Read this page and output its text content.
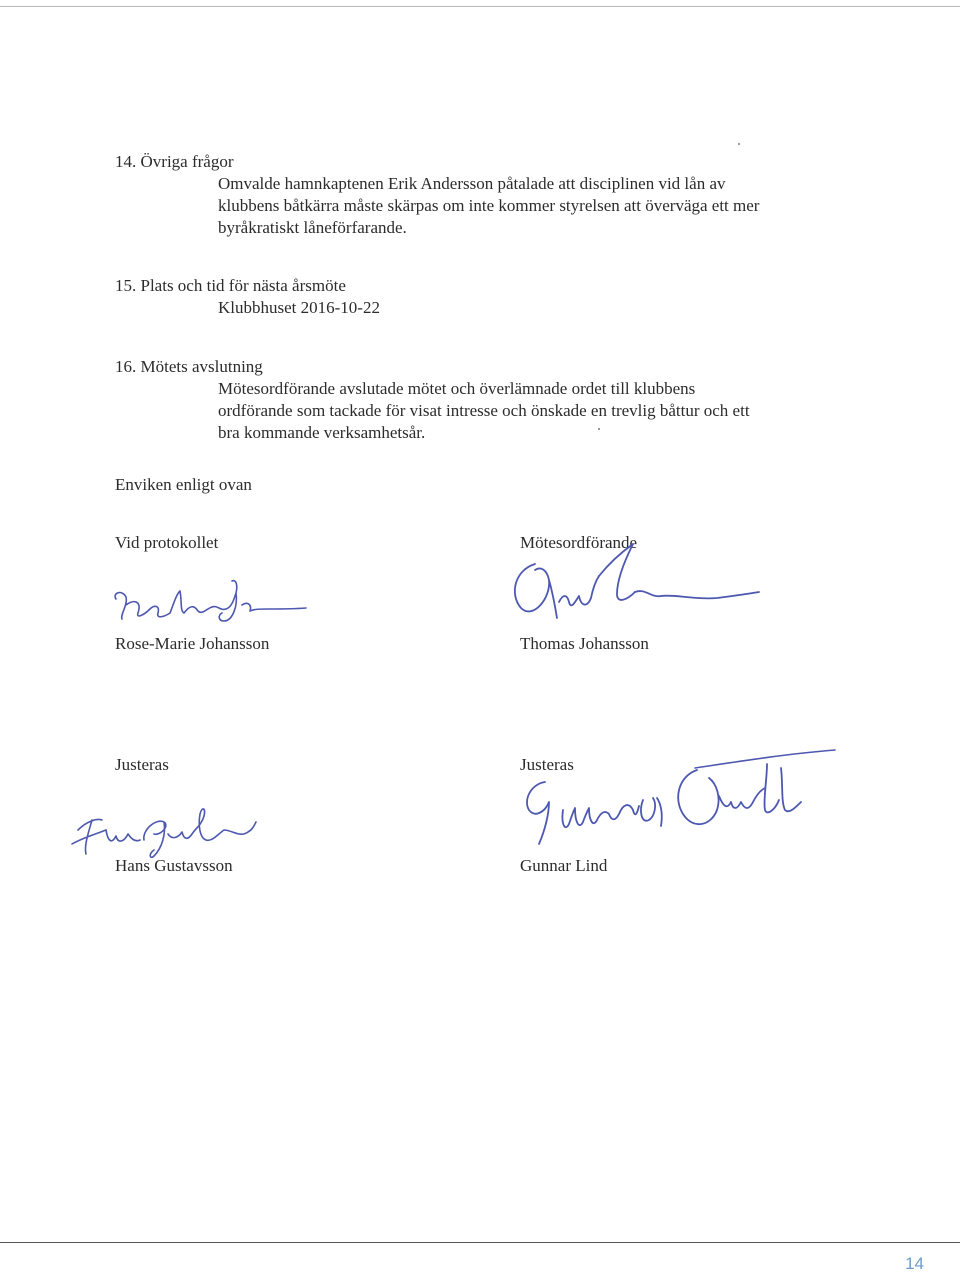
14. Övriga frågor
Omvalde hamnkaptenen Erik Andersson påtalade att disciplinen vid lån av
klubbens båtkärra måste skärpas om inte kommer styrelsen att överväga ett mer
byråkratiskt låneförfarande.
15. Plats och tid för nästa årsmöte
Klubbhuset 2016-10-22
16. Mötets avslutning
Mötesordförande avslutade mötet och överlämnade ordet till klubbens
ordförande som tackade för visat intresse och önskade en trevlig båttur och ett
bra kommande verksamhetsår.
Enviken enligt ovan
Vid protokollet
Rose-Marie Johansson
Mötesordförande
Thomas Johansson
Justeras
Hans Gustavsson
Justeras
Gunnar Lind
14
